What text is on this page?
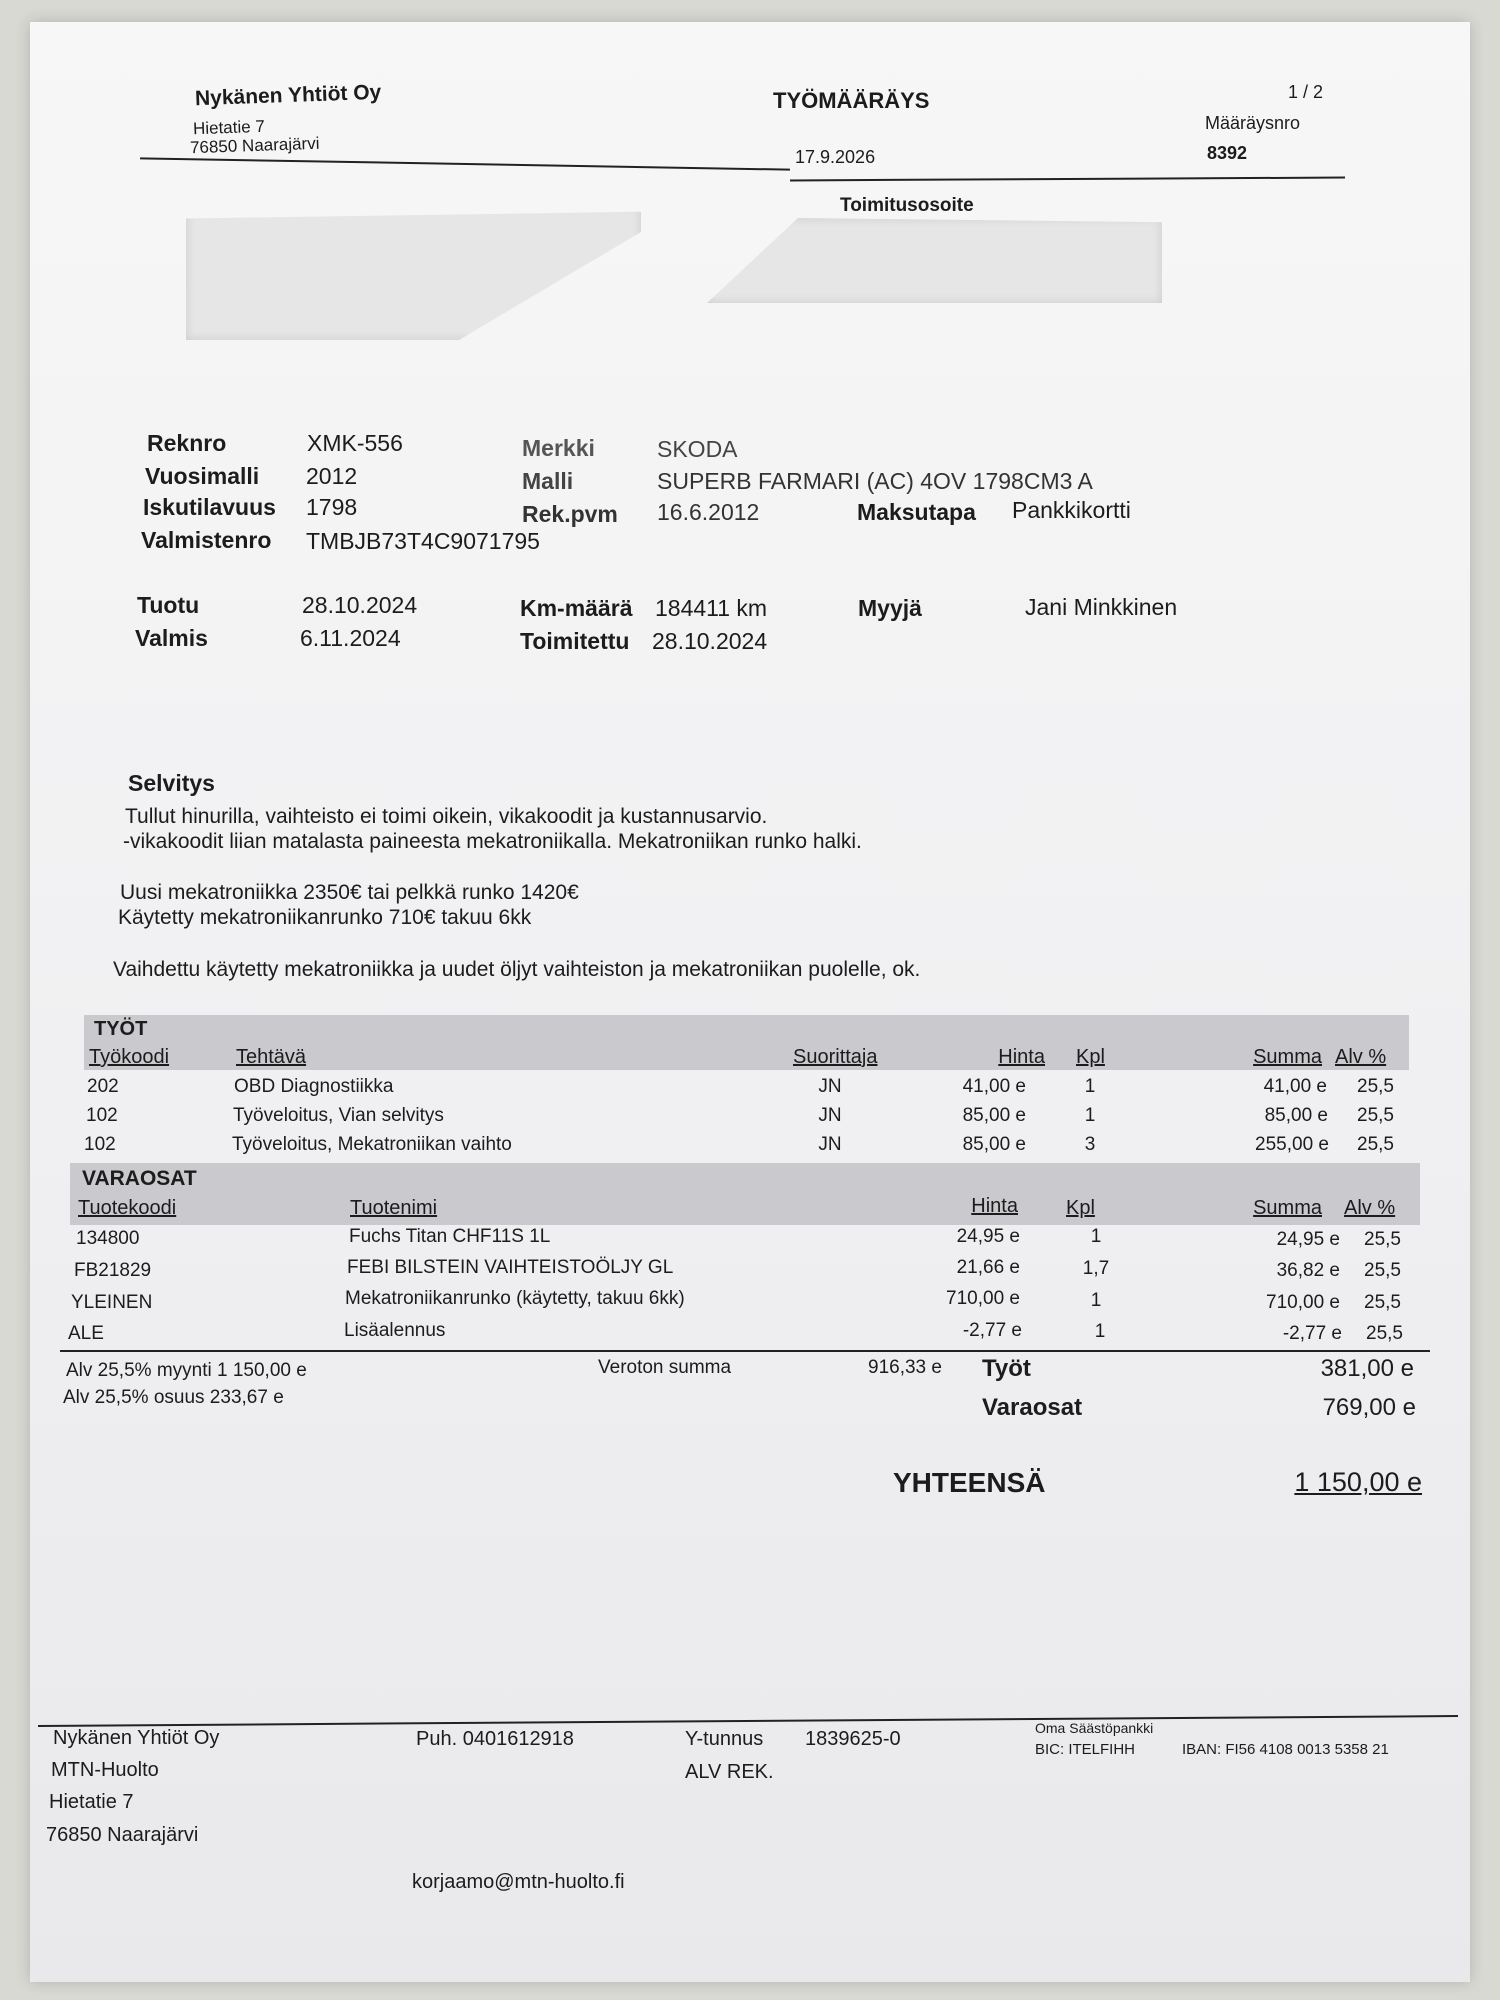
Nykänen Yhtiöt Oy
Hietatie 7
76850 Naarajärvi
TYÖMÄÄRÄYS
17.9.2026
1 / 2
Määräysnro
8392
Toimitusosoite
Reknro	XMK-556
Vuosimalli 2012
Iskutilavuus 1798
Valmistenro TMBJB73T4C9071795
Merkki	SKODA
Malli	SUPERB FARMARI (AC) 4OV 1798CM3 A
Rek.pvm 16.6.2012	Maksutapa Pankkikortti
Tuotu	28.10.2024
Valmis	6.11.2024
Km-määrä 184411 km
Toimitettu 28.10.2024
Myyjä	Jani Minkkinen
Selvitys
Tullut hinurilla, vaihteisto ei toimi oikein, vikakoodit ja kustannusarvio.
-vikakoodit liian matalasta paineesta mekatroniikalla. Mekatroniikan runko halki.
Uusi mekatroniikka 2350€ tai pelkkä runko 1420€
Käytetty mekatroniikanrunko 710€ takuu 6kk
Vaihdettu käytetty mekatroniikka ja uudet öljyt vaihteiston ja mekatroniikan puolelle, ok.
TYÖT
Työkoodi	Tehtävä	Suorittaja	Hinta Kpl	Summa Alv %
202	OBD Diagnostiikka	JN	41,00 e	1	41,00 e 25,5
102	Työveloitus, Vian selvitys	JN	85,00 e	1	85,00 e 25,5
102	Työveloitus, Mekatroniikan vaihto	JN	85,00 e	3	255,00 e 25,5
VARAOSAT
Tuotekoodi	Tuotenimi	Hinta Kpl	Summa Alv %
134800	Fuchs Titan CHF11S 1L	24,95 e	1	24,95 e 25,5
FB21829	FEBI BILSTEIN VAIHTEISTOÖLJY GL	21,66 e	1,7	36,82 e 25,5
YLEINEN	Mekatroniikanrunko (käytetty, takuu 6kk)	710,00 e	1	710,00 e 25,5
ALE	Lisäalennus	-2,77 e	1	-2,77 e 25,5
Alv 25,5% myynti 1 150,00 e
Alv 25,5% osuus 233,67 e
Veroton summa	916,33 e Työt	381,00 e
Varaosat	769,00 e
YHTEENSÄ	1 150,00 e
Nykänen Yhtiöt Oy
MTN-Huolto
Hietatie 7
76850 Naarajärvi
Puh. 0401612918	Y-tunnus 1839625-0
ALV REK.
Oma Säästöpankki
BIC: ITELFIHH	IBAN: FI56 4108 0013 5358 21
korjaamo@mtn-huolto.fi
